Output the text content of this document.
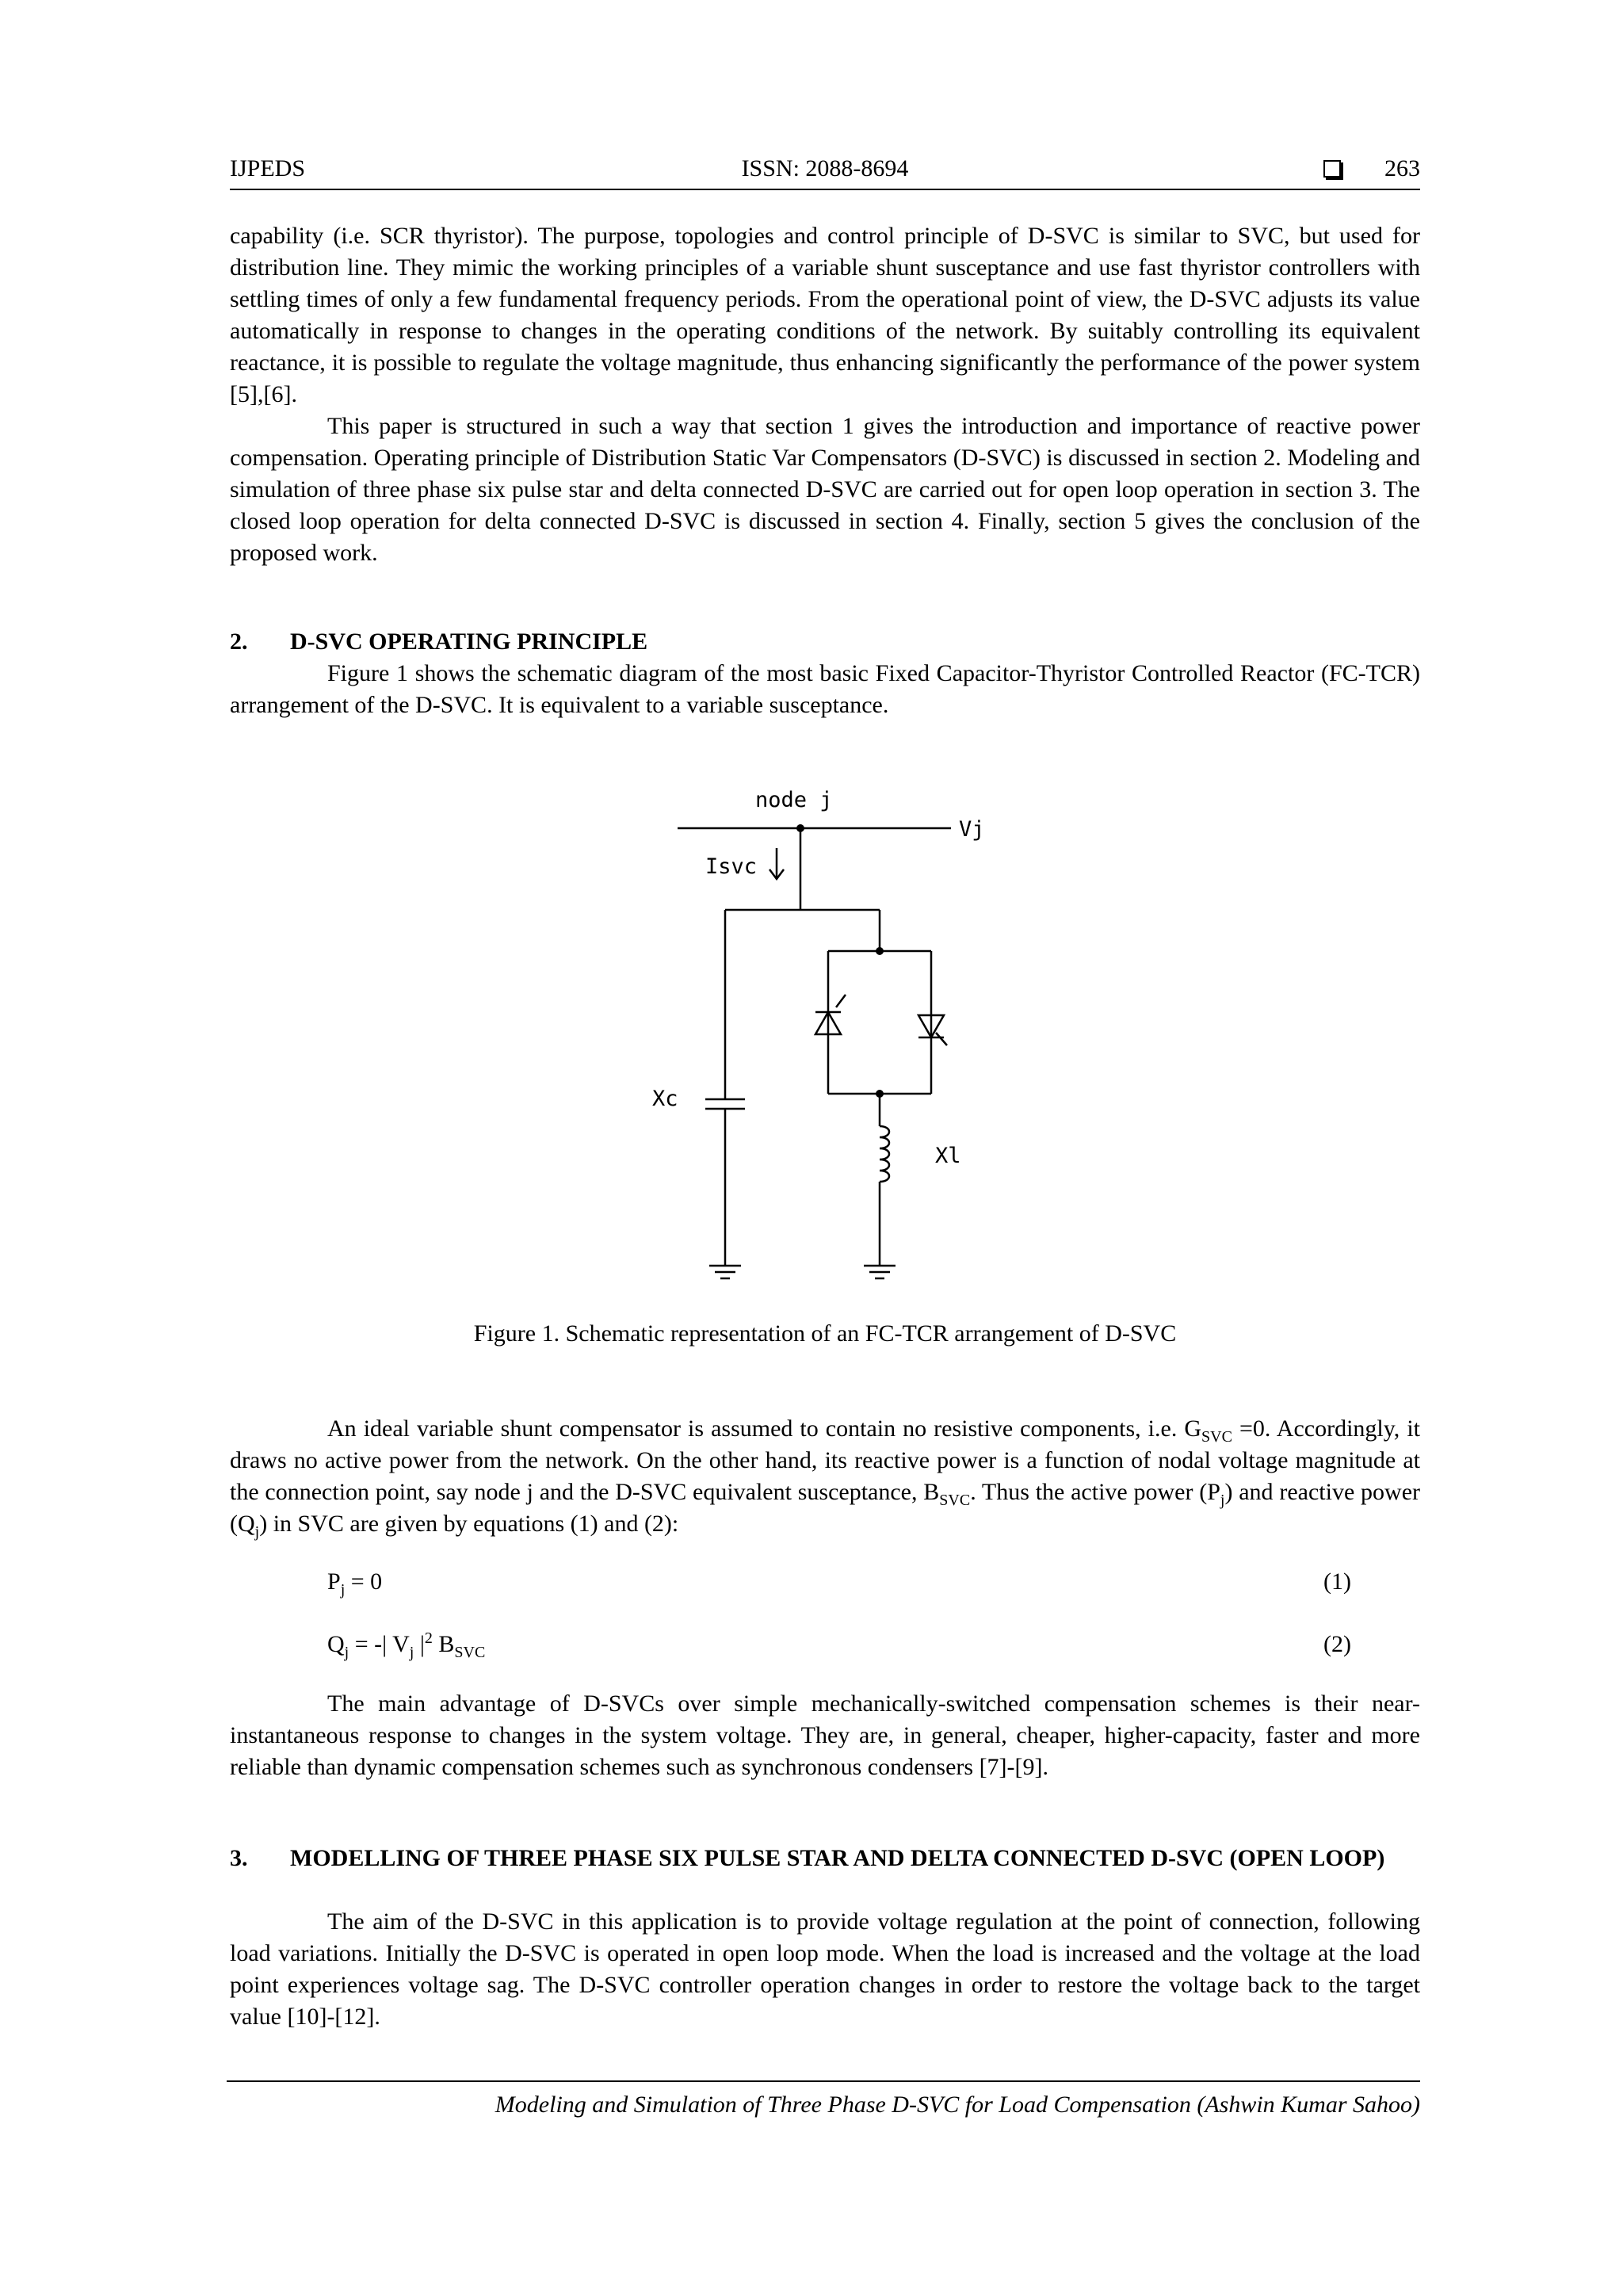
IJPEDS	ISSN: 2088-8694	263

capability (i.e. SCR thyristor). The purpose, topologies and control principle of D-SVC is similar to SVC, but used for distribution line. They mimic the working principles of a variable shunt susceptance and use fast thyristor controllers with settling times of only a few fundamental frequency periods. From the operational point of view, the D-SVC adjusts its value automatically in response to changes in the operating conditions of the network. By suitably controlling its equivalent reactance, it is possible to regulate the voltage magnitude, thus enhancing significantly the performance of the power system [5],[6].

This paper is structured in such a way that section 1 gives the introduction and importance of reactive power compensation. Operating principle of Distribution Static Var Compensators (D-SVC) is discussed in section 2. Modeling and simulation of three phase six pulse star and delta connected D-SVC are carried out for open loop operation in section 3. The closed loop operation for delta connected D-SVC is discussed in section 4. Finally, section 5 gives the conclusion of the proposed work.

2. D-SVC OPERATING PRINCIPLE

Figure 1 shows the schematic diagram of the most basic Fixed Capacitor-Thyristor Controlled Reactor (FC-TCR) arrangement of the D-SVC. It is equivalent to a variable susceptance.

node j
Vj
Isvc
Xc
Xl

Figure 1. Schematic representation of an FC-TCR arrangement of D-SVC

An ideal variable shunt compensator is assumed to contain no resistive components, i.e. $G_{SVC} =0$. Accordingly, it draws no active power from the network. On the other hand, its reactive power is a function of nodal voltage magnitude at the connection point, say node j and the D-SVC equivalent susceptance, $B_{SVC}$. Thus the active power $(P_j)$ and reactive power $(Q_j)$ in SVC are given by equations (1) and (2):

$P_j = 0$	(1)
$Q_j$ = -| $V_j$ $|^2$ $B_{SVC}$	(2)

The main advantage of D-SVCs over simple mechanically-switched compensation schemes is their near-instantaneous response to changes in the system voltage. They are, in general, cheaper, higher-capacity, faster and more reliable than dynamic compensation schemes such as synchronous condensers [7]-[9].

3. MODELLING OF THREE PHASE SIX PULSE STAR AND DELTA CONNECTED D-SVC (OPEN LOOP)

The aim of the D-SVC in this application is to provide voltage regulation at the point of connection, following load variations. Initially the D-SVC is operated in open loop mode. When the load is increased and the voltage at the load point experiences voltage sag. The D-SVC controller operation changes in order to restore the voltage back to the target value [10]-[12].

Modeling and Simulation of Three Phase D-SVC for Load Compensation (Ashwin Kumar Sahoo)
